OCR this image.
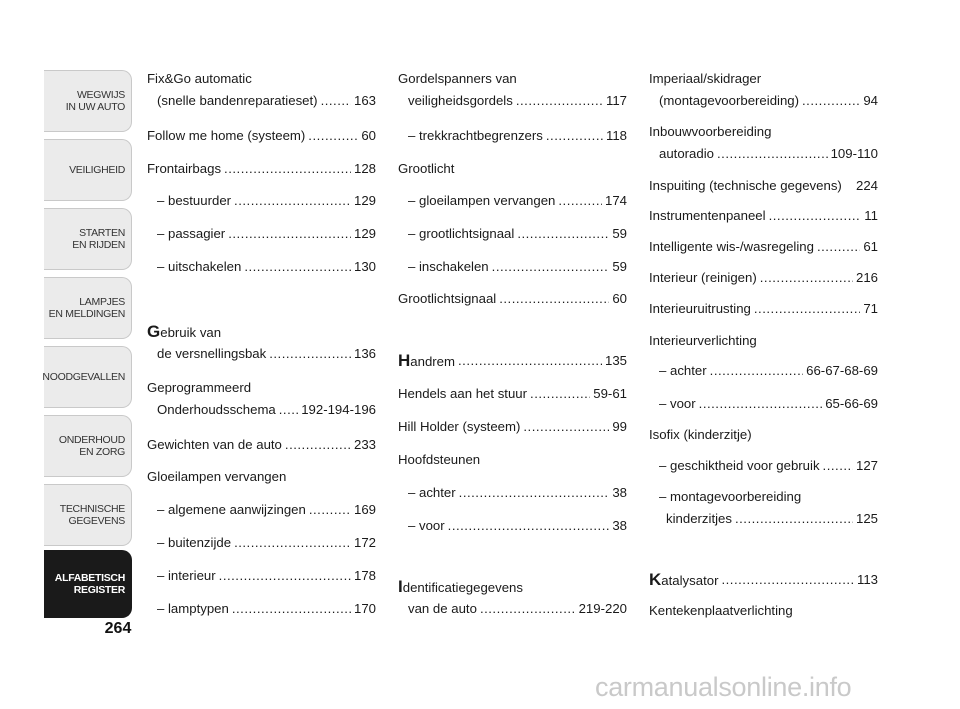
WEGWIJS
IN UW AUTO
VEILIGHEID
STARTEN
EN RIJDEN
LAMPJES
EN MELDINGEN
NOODGEVALLEN
ONDERHOUD
EN ZORG
TECHNISCHE
GEGEVENS
ALFABETISCH
REGISTER
264
Fix&Go automatic
(snelle bandenreparatieset) .....	163
Follow me home (systeem) .....	60
Frontairbags .....	128
– bestuurder .....	129
– passagier .....	129
– uitschakelen .....	130
Gebruik van
de versnellingsbak .....	136
Geprogrammeerd
Onderhoudsschema ..... 192-194-196
Gewichten van de auto .....	233
Gloeilampen vervangen
– algemene aanwijzingen .....	169
– buitenzijde .....	172
– interieur .....	178
– lamptypen .....	170
Gordelspanners van
veiligheidsgordels .....	117
– trekkrachtbegrenzers .....	118
Grootlicht
– gloeilampen vervangen .....	174
– grootlichtsignaal .....	59
– inschakelen .....	59
Grootlichtsignaal .....	60
Handrem .....	135
Hendels aan het stuur .....	59-61
Hill Holder (systeem) .....	99
Hoofdsteunen
– achter .....	38
– voor .....	38
Identificatiegegevens
van de auto .....	219-220
Imperiaal/skidrager
(montagevoorbereiding) .....	94
Inbouwvoorbereiding
autoradio .....	109-110
Inspuiting (technische gegevens) 224
Instrumentenpaneel .....	11
Intelligente wis-/wasregeling .....	61
Interieur (reinigen) .....	216
Interieuruitrusting .....	71
Interieurverlichting
– achter .....	66-67-68-69
– voor .....	65-66-69
Isofix (kinderzitje)
– geschiktheid voor gebruik .....	127
– montagevoorbereiding
kinderzitjes .....	125
Katalysator .....	113
Kentekenplaatverlichting
carmanualsonline.info
